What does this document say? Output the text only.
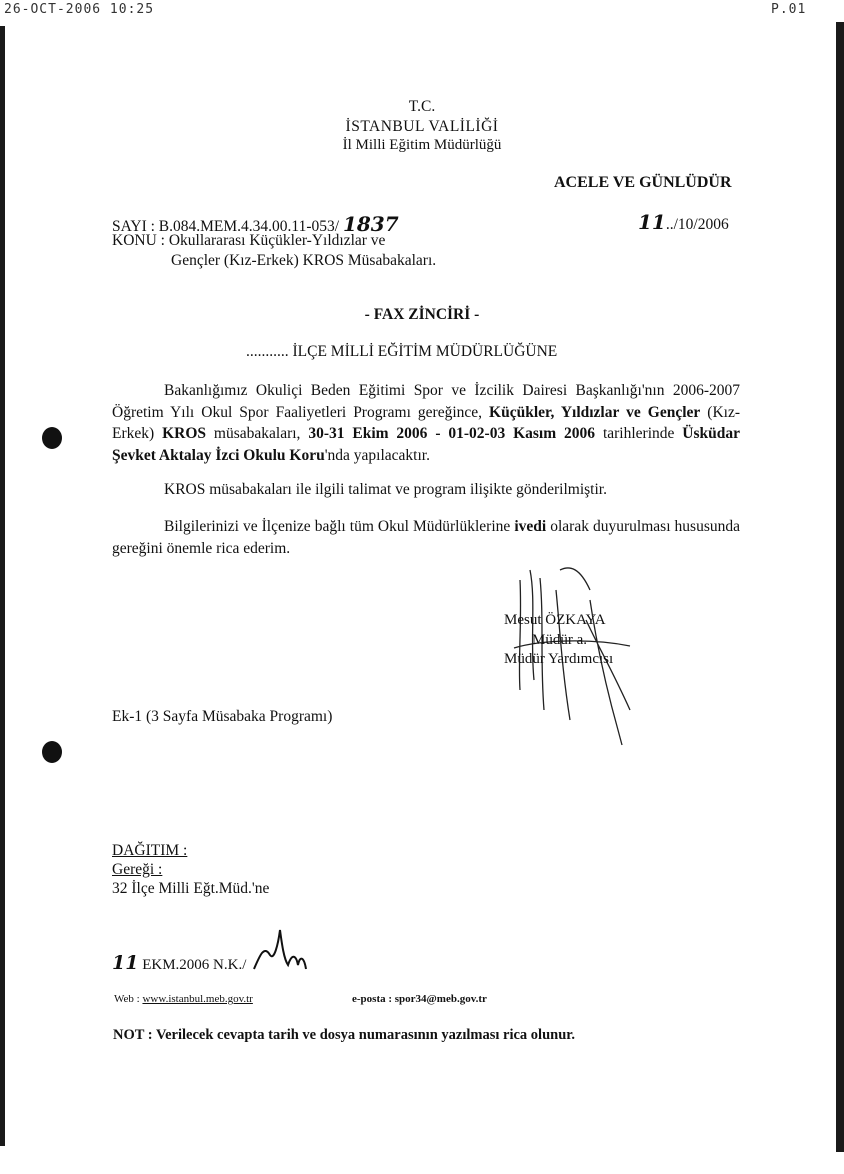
26-OCT-2006 10:25	P.01
T.C.
İSTANBUL VALİLİĞİ
İl Milli Eğitim Müdürlüğü
ACELE VE GÜNLÜDÜR
SAYI : B.084.MEM.4.34.00.11-053/ 1837	11../10/2006
KONU : Okullararası Küçükler-Yıldızlar ve
Gençler (Kız-Erkek) KROS Müsabakaları.
- FAX ZİNCİRİ -
........... İLÇE MİLLİ EĞİTİM MÜDÜRLÜĞÜNE
Bakanlığımız Okuliçi Beden Eğitimi Spor ve İzcilik Dairesi Başkanlığı'nın 2006-2007 Öğretim Yılı Okul Spor Faaliyetleri Programı gereğince, Küçükler, Yıldızlar ve Gençler (Kız-Erkek) KROS müsabakaları, 30-31 Ekim 2006 - 01-02-03 Kasım 2006 tarihlerinde Üsküdar Şevket Aktalay İzci Okulu Koru'nda yapılacaktır.
KROS müsabakaları ile ilgili talimat ve program ilişikte gönderilmiştir.
Bilgilerinizi ve İlçenize bağlı tüm Okul Müdürlüklerine ivedi olarak duyurulması hususunda gereğini önemle rica ederim.
Mesut ÖZKAYA
Müdür a.
Müdür Yardımcısı
Ek-1 (3 Sayfa Müsabaka Programı)
DAĞITIM :
Gereği :
32 İlçe Milli Eğt.Müd.'ne
11 EKM.2006 N.K./
Web : www.istanbul.meb.gov.tr	e-posta : spor34@meb.gov.tr
NOT : Verilecek cevapta tarih ve dosya numarasının yazılması rica olunur.
